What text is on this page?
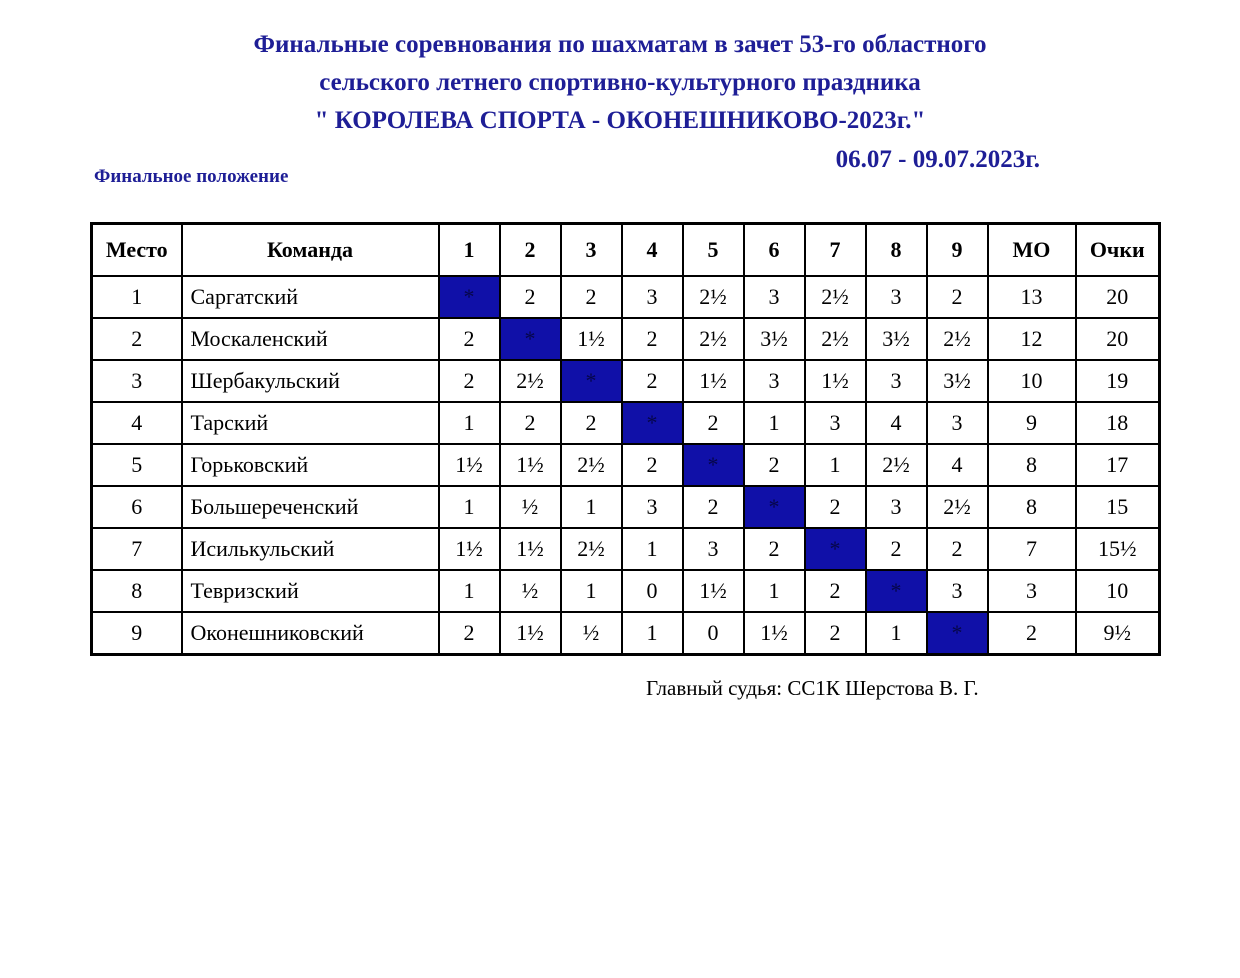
Финальные соревнования по шахматам в зачет 53-го областного
сельского летнего спортивно-культурного праздника
" КОРОЛЕВА СПОРТА - ОКОНЕШНИКОВО-2023г."
06.07 - 09.07.2023г.
Финальное положение
Место	Команда	1	2	3	4	5	6	7	8	9	МО	Очки
1	Саргатский	*	2	2	3	2½	3	2½	3	2	13	20
2	Москаленский	2	*	1½	2	2½	3½	2½	3½	2½	12	20
3	Шербакульский	2	2½	*	2	1½	3	1½	3	3½	10	19
4	Тарский	1	2	2	*	2	1	3	4	3	9	18
5	Горьковский	1½	1½	2½	2	*	2	1	2½	4	8	17
6	Большереченский	1	½	1	3	2	*	2	3	2½	8	15
7	Исилькульский	1½	1½	2½	1	3	2	*	2	2	7	15½
8	Тевризский	1	½	1	0	1½	1	2	*	3	3	10
9	Оконешниковский	2	1½	½	1	0	1½	2	1	*	2	9½
Главный судья: СС1К Шерстова В. Г.
